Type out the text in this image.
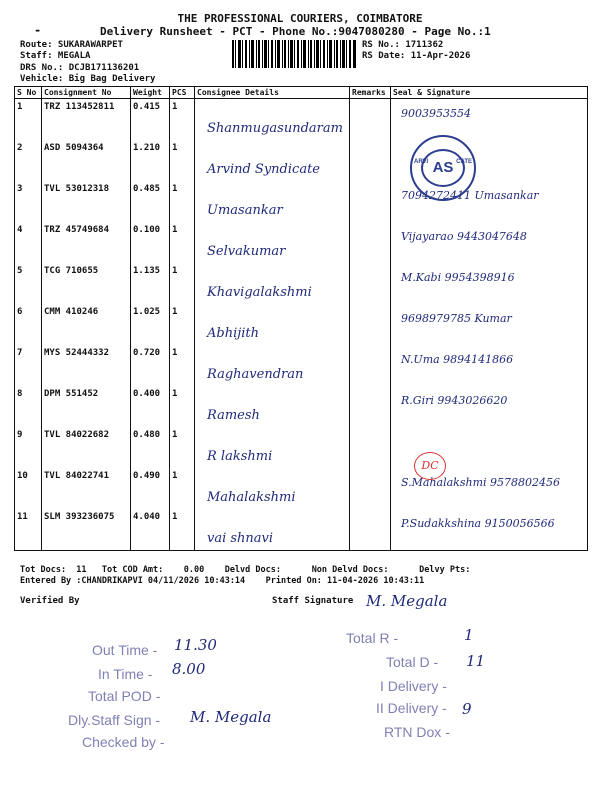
THE PROFESSIONAL COURIERS, COIMBATORE
-	Delivery Runsheet - PCT - Phone No.:9047080280 - Page No.:1
Route: SUKARAWARPET
Staff: MEGALA
DRS No.: DCJB171136201
Vehicle: Big Bag Delivery
RS No.: 1711362
RS Date: 11-Apr-2026
S No	Consignment No	Weight	PCS	Consignee Details	Remarks	Seal & Signature
1	TRZ 113452811	0.415	1	Shanmugasundaram		9003953554

2	ASD 5094364	1.210	1	Arvind Syndicate		

3	TVL 53012318	0.485	1	Umasankar		7094272411 Umasankar

4	TRZ 45749684	0.100	1	Selvakumar		Vijayarao 9443047648

5	TCG 710655	1.135	1	Khavigalakshmi		M.Kabi 9954398916

6	CMM 410246	1.025	1	Abhijith		9698979785 Kumar

7	MYS 52444332	0.720	1	Raghavendran		N.Uma 9894141866

8	DPM 551452	0.400	1	Ramesh		R.Giri 9943026620

9	TVL 84022682	0.480	1	R lakshmi		

10	TVL 84022741	0.490	1	Mahalakshmi		S.Mahalakshmi 9578802456

11	SLM 393236075	4.040	1	vai shnavi		P.Sudakkshina 9150056566
ARVI	CATE
AS
Tot Docs:  11   Tot COD Amt:    0.00    Delvd Docs:      Non Delvd Docs:      Delvy Pts:
Entered By :CHANDRIKAPVI 04/11/2026 10:43:14    Printed On: 11-04-2026 10:43:11
Verified By	Staff Signature M. Megala
Out Time - 11.30
In Time - 8.00
Total POD -
Dly.Staff Sign - M. Megala
Checked by -
Total R -	1
Total D - 11
I Delivery -
II Delivery - 9
RTN Dox -
DC
